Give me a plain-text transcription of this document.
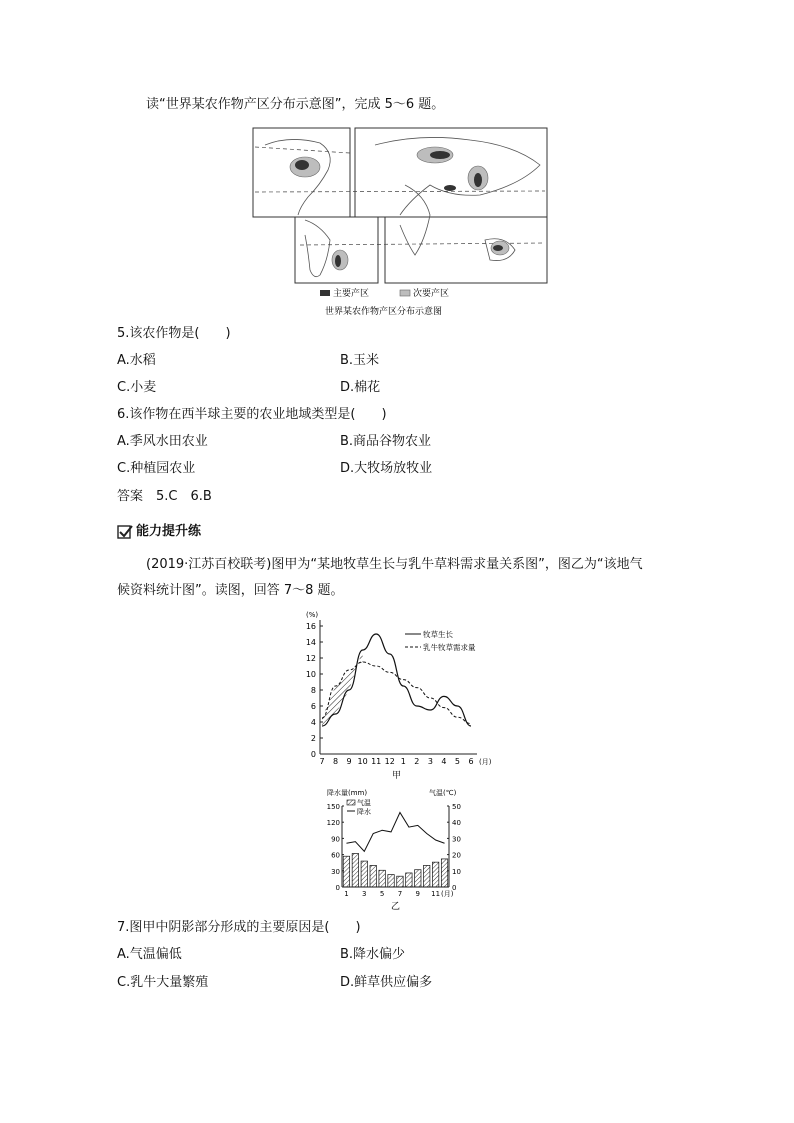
读“世界某农作物产区分布示意图”，完成 5～6 题。
主要产区	次要产区
世界某农作物产区分布示意图
5.该农作物是(　　)
A.水稻	B.玉米
C.小麦	D.棉花
6.该作物在西半球主要的农业地域类型是(　　)
A.季风水田农业	B.商品谷物农业
C.种植园农业	D.大牧场放牧业
答案　5.C　6.B
能力提升练
(2019·江苏百校联考)图甲为“某地牧草生长与乳牛草料需求量关系图”，图乙为“该地气
候资料统计图”。读图，回答 7～8 题。
(%)
0
2
4
6
8
10
12
14
16
7 8 9 10 11 12 1 2 3 4 5 6 (月)
甲
牧草生长
乳牛牧草需求量
降水量(mm)	气温(℃)
0
30
60
90
120
150
0
10
20
30
40
50
1 3 5 7 9 11 (月)
乙
气温
降水
7.图甲中阴影部分形成的主要原因是(　　)
A.气温偏低	B.降水偏少
C.乳牛大量繁殖	D.鲜草供应偏多
